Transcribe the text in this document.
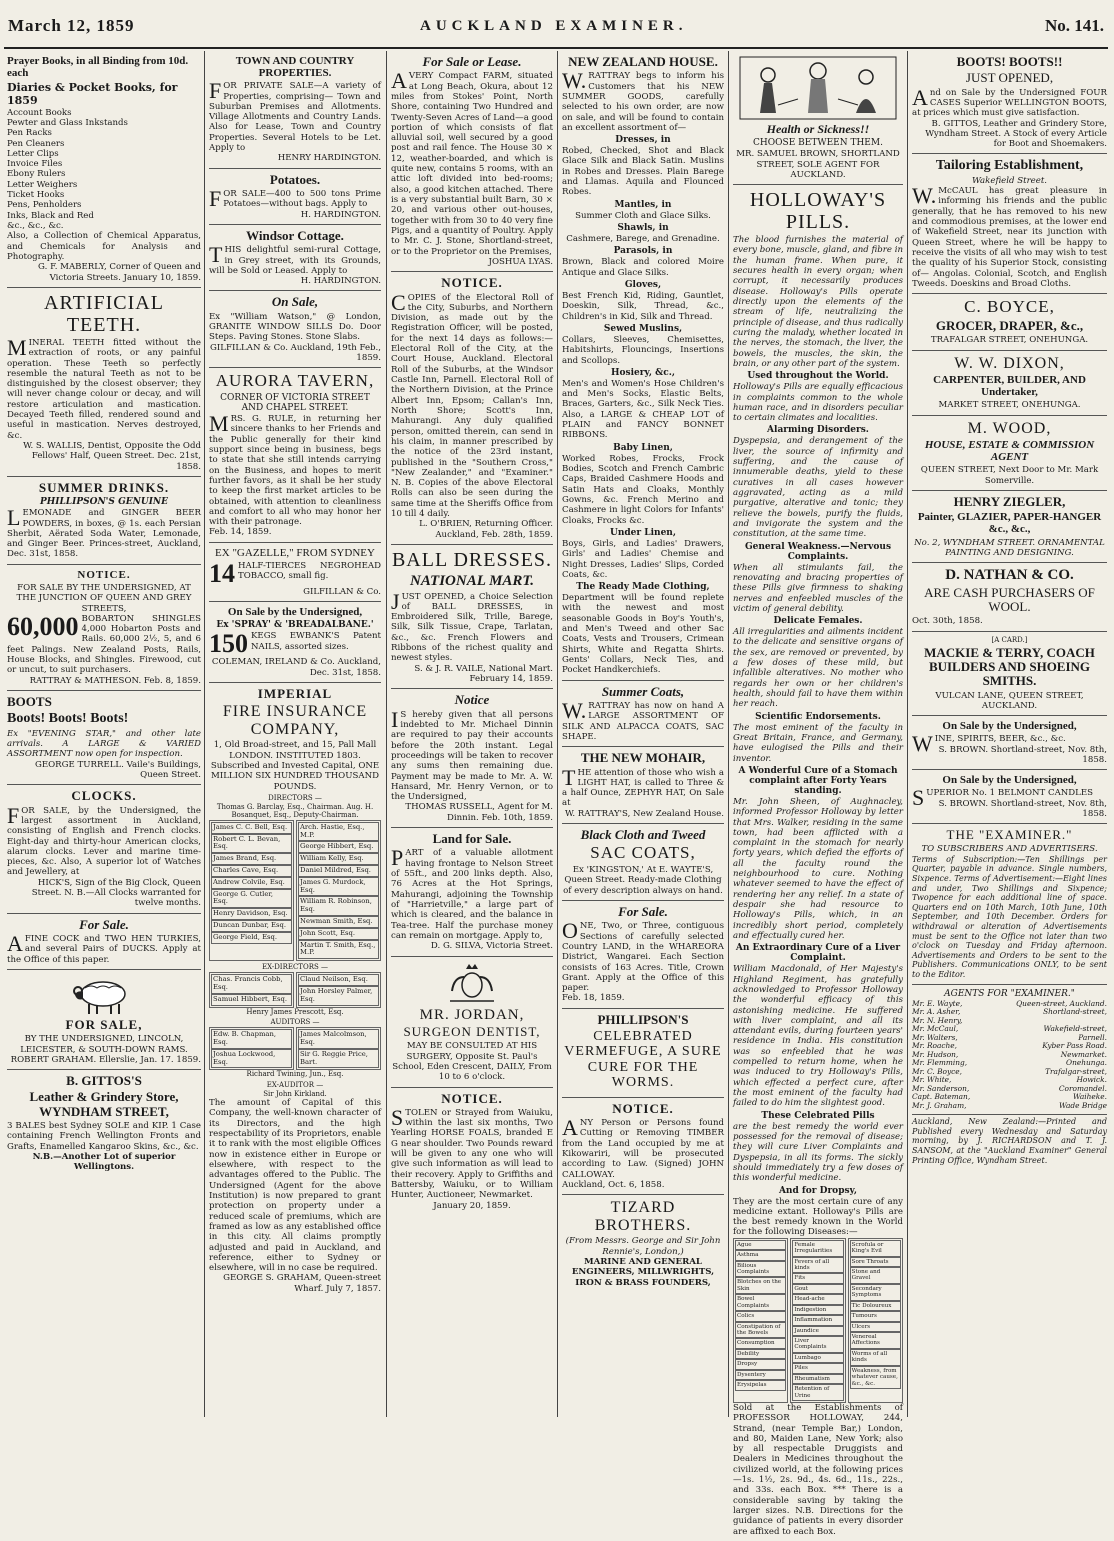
March 12, 1859	AUCKLAND EXAMINER.	No. 141.
Prayer Books, in all Binding from 10d. each
Diaries & Pocket Books, for 1859
Account Books
Pewter and Glass Inkstands
Pen Racks
Pen Cleaners
Letter Clips
Invoice Files
Ebony Rulers
Letter Weighers
Ticket Hooks
Pens, Penholders
Inks, Black and Red
&c., &c., &c.

Also, a Collection of Chemical Apparatus, and Chemicals for Analysis and Photography.

G. F. MABERLY, Corner of Queen and Victoria Streets. January 10, 1859.

ARTIFICIAL TEETH.

MINERAL TEETH fitted without the extraction of roots, or any painful operation. These Teeth so perfectly resemble the natural Teeth as not to be distinguished by the closest observer; they will never change colour or decay, and will restore articulation and mastication. Decayed Teeth filled, rendered sound and useful in mastication. Nerves destroyed, &c.

W. S. WALLIS, Dentist, Opposite the Odd Fellows' Half, Queen Street. Dec. 21st, 1858.

SUMMER DRINKS.
PHILLIPSON'S GENUINE

LEMONADE and GINGER BEER POWDERS, in boxes, @ 1s. each Persian Sherbit, Aërated Soda Water, Lemonade, and Ginger Beer. Princes-street, Auckland, Dec. 31st, 1858.

NOTICE.

FOR SALE BY THE UNDERSIGNED, AT THE JUNCTION OF QUEEN AND GREY STREETS,

60,000 BOBARTON SHINGLES 4,000 Hobarton Posts and Rails. 60,000 2½, 5, and 6 feet Palings. New Zealand Posts, Rails, House Blocks, and Shingles. Firewood, cut or uncut, to suit purchasers.

RATTRAY & MATHESON. Feb. 8, 1859.

BOOTS
Boots! Boots! Boots!

Ex "EVENING STAR," and other late arrivals. A LARGE & VARIED ASSORTMENT now open for inspection.

GEORGE TURRELL. Vaile's Buildings, Queen Street.

CLOCKS.

FOR SALE, by the Undersigned, the largest assortment in Auckland, consisting of English and French clocks. Eight-day and thirty-hour American clocks, alarum clocks. Lever and marine time-pieces, &c. Also, A superior lot of Watches and Jewellery, at

HICK'S, Sign of the Big Clock, Queen Street. N. B.—All Clocks warranted for twelve months.

For Sale.

AFINE COCK and TWO HEN TURKIES, and several Pairs of DUCKS. Apply at the Office of this paper.

FOR SALE,

BY THE UNDERSIGNED, LINCOLN, LEICESTER, & SOUTH-DOWN RAMS.

ROBERT GRAHAM. Ellerslie, Jan. 17. 1859.

B. GITTOS'S
Leather & Grindery Store, WYNDHAM STREET,

3 BALES best Sydney SOLE and KIP. 1 Case containing French Wellington Fronts and Grafts, Enamelled Kangaroo Skins, &c., &c.

N.B.—Another Lot of superior Wellingtons.

TOWN AND COUNTRY PROPERTIES.

FOR PRIVATE SALE—A variety of Properties, comprising— Town and Suburban Premises and Allotments. Village Allotments and Country Lands. Also for Lease, Town and Country Properties. Several Hotels to be Let. Apply to

HENRY HARDINGTON.

Potatoes.

FOR SALE—400 to 500 tons Prime Potatoes—without bags. Apply to

H. HARDINGTON.

Windsor Cottage.

THIS delightful semi-rural Cottage, in Grey street, with its Grounds, will be Sold or Leased. Apply to

H. HARDINGTON.

On Sale,

Ex "William Watson," @ London, GRANITE WINDOW SILLS Do. Door Steps. Paving Stones. Stone Slabs.

GILFILLAN & Co. Auckland, 19th Feb., 1859.

AURORA TAVERN,
CORNER OF VICTORIA STREET AND CHAPEL STREET.

MRS. G. RULE, in returning her sincere thanks to her Friends and the Public generally for their kind support since being in business, begs to state that she still intends carrying on the Business, and hopes to merit further favors, as it shall be her study to keep the first market articles to be obtained, with attention to cleanliness and comfort to all who may honor her with their patronage.

Feb. 14, 1859.

EX "GAZELLE," FROM SYDNEY
14 HALF-TIERCES NEGROHEAD TOBACCO, small fig.

GILFILLAN & Co.

On Sale by the Undersigned,
Ex 'SPRAY' & 'BREADALBANE.'
150 KEGS EWBANK'S Patent NAILS, assorted sizes.

COLEMAN, IRELAND & Co. Auckland, Dec. 31st, 1858.

IMPERIAL
FIRE INSURANCE COMPANY,

1, Old Broad-street, and 15, Pall Mall LONDON. INSTITUTED 1803. Subscribed and Invested Capital, ONE MILLION SIX HUNDRED THOUSAND POUNDS.

DIRECTORS —

Thomas G. Barclay, Esq., Chairman. Aug. H. Bosanquet, Esq., Deputy-Chairman.

James C. C. Bell, Esq.
Robert C. L. Bevan, Esq.
James Brand, Esq.
Charles Cave, Esq.
Andrew Colvile, Esq.
George G. Cutler, Esq.
Henry Davidson, Esq.
Duncan Dunbar, Esq.
George Field, Esq.
Arch. Hastie, Esq., M.P.
George Hibbert, Esq.
William Kelly, Esq.
Daniel Mildred, Esq.
James G. Murdock, Esq.
William R. Robinson, Esq.
Newman Smith, Esq.
John Scott, Esq.
Martin T. Smith, Esq., M.P.
EX-DIRECTORS —
Chas. Francis Cobb, Esq.
Samuel Hibbert, Esq.
Claud Neilson, Esq.
John Horsley Palmer, Esq.

Henry James Prescott, Esq.

AUDITORS —
Edw. B. Chapman, Esq.
Joshua Lockwood, Esq.
James Malcolmson, Esq.
Sir G. Reggie Price, Bart.

Richard Twining, Jun., Esq.

EX-AUDITOR —

Sir John Kirkland.

The amount of Capital of this Company, the well-known character of its Directors, and the high respectability of its Proprietors, enable it to rank with the most eligible Offices now in existence either in Europe or elsewhere, with respect to the advantages offered to the Public. The Undersigned (Agent for the above Institution) is now prepared to grant protection on property under a reduced scale of premiums, which are framed as low as any established office in this city. All claims promptly adjusted and paid in Auckland, and reference, either to Sydney or elsewhere, will in no case be required.

GEORGE S. GRAHAM, Queen-street Wharf. July 7, 1857.

For Sale or Lease.

AVERY Compact FARM, situated at Long Beach, Okura, about 12 miles from Stokes' Point, North Shore, containing Two Hundred and Twenty-Seven Acres of Land—a good portion of which consists of flat alluvial soil, well secured by a good post and rail fence. The House 30 × 12, weather-boarded, and which is quite new, contains 5 rooms, with an attic loft divided into bed-rooms; also, a good kitchen attached. There is a very substantial built Barn, 30 × 20, and various other out-houses, together with from 30 to 40 very fine Pigs, and a quantity of Poultry. Apply to Mr. C. J. Stone, Shortland-street, or to the Proprietor on the Premises,

JOSHUA LYAS.

NOTICE.

COPIES of the Electoral Roll of the City, Suburbs, and Northern Division, as made out by the Registration Officer, will be posted, for the next 14 days as follows:— Electoral Roll of the City, at the Court House, Auckland. Electoral Roll of the Suburbs, at the Windsor Castle Inn, Parnell. Electoral Roll of the Northern Division, at the Prince Albert Inn, Epsom; Callan's Inn, North Shore; Scott's Inn, Mahurangi. Any duly qualified person, omitted therein, can send in his claim, in manner prescribed by the notice of the 23rd instant, published in the "Southern Cross," "New Zealander," and "Examiner." N. B. Copies of the above Electoral Rolls can also be seen during the same time at the Sheriffs Office from 10 till 4 daily.

L. O'BRIEN, Returning Officer. Auckland, Feb. 28th, 1859.

BALL DRESSES.
NATIONAL MART.

JUST OPENED, a Choice Selection of BALL DRESSES, in Embroidered Silk, Trille, Barege, Silk, Silk Tissue, Crape, Tarlatan, &c., &c. French Flowers and Ribbons of the richest quality and newest styles.

S. & J. R. VAILE, National Mart. February 14, 1859.

Notice

IS hereby given that all persons indebted to Mr. Michael Dinnin are required to pay their accounts before the 20th instant. Legal proceedings will be taken to recover any sums then remaining due. Payment may be made to Mr. A. W. Hansard, Mr. Henry Vernon, or to the Undersigned,

THOMAS RUSSELL, Agent for M. Dinnin. Feb. 10th, 1859.

Land for Sale.

PART of a valuable allotment having frontage to Nelson Street of 55ft., and 200 links depth. Also, 76 Acres at the Hot Springs, Mahurangi, adjoining the Township of "Harrietville," a large part of which is cleared, and the balance in Tea-tree. Half the purchase money can remain on mortgage. Apply to,

D. G. SILVA, Victoria Street.

MR. JORDAN,
SURGEON DENTIST,

MAY BE CONSULTED AT HIS SURGERY, Opposite St. Paul's School, Eden Crescent, DAILY, From 10 to 6 o'clock.

NOTICE.

STOLEN or Strayed from Waiuku, within the last six months, Two Yearling HORSE FOALS, branded E G near shoulder. Two Pounds reward will be given to any one who will give such information as will lead to their recovery. Apply to Griffiths and Battersby, Waiuku, or to William Hunter, Auctioneer, Newmarket.

January 20, 1859.

NEW ZEALAND HOUSE.

W.RATTRAY begs to inform his Customers that his NEW SUMMER GOODS, carefully selected to his own order, are now on sale, and will be found to contain an excellent assortment of—

Dresses, in

Robed, Checked, Shot and Black Glace Silk and Black Satin. Muslins in Robes and Dresses. Plain Barege and Llamas. Aquila and Flounced Robes.

Mantles, in

Summer Cloth and Glace Silks.

Shawls, in

Cashmere, Barege, and Grenadine.

Parasols, in

Brown, Black and colored Moire Antique and Glace Silks.

Gloves,

Best French Kid, Riding, Gauntlet, Doeskin, Silk, Thread, &c., Children's in Kid, Silk and Thread.

Sewed Muslins,

Collars, Sleeves, Chemisettes, Habitshirts, Flouncings, Insertions and Scollops.

Hosiery, &c.,

Men's and Women's Hose Children's and Men's Socks, Elastic Belts, Braces, Garters, &c., Silk Neck Ties. Also, a LARGE & CHEAP LOT of PLAIN and FANCY BONNET RIBBONS.

Baby Linen,

Worked Robes, Frocks, Frock Bodies, Scotch and French Cambric Caps, Braided Cashmere Hoods and Satin Hats and Cloaks, Monthly Gowns, &c. French Merino and Cashmere in light Colors for Infants' Cloaks, Frocks &c.

Under Linen,

Boys, Girls, and Ladies' Drawers, Girls' and Ladies' Chemise and Night Dresses, Ladies' Slips, Corded Coats, &c.

The Ready Made Clothing,

Department will be found replete with the newest and most seasonable Goods in Boy's Youth's, and Men's Tweed and other Sac Coats, Vests and Trousers, Crimean Shirts, White and Regatta Shirts. Gents' Collars, Neck Ties, and Pocket Handkerchiefs.

Summer Coats,

W.RATTRAY has now on hand A LARGE ASSORTMENT OF SILK AND ALPACCA COATS, SAC SHAPE.

THE NEW MOHAIR,

THE attention of those who wish a LIGHT HAT, is called to Three & a half Ounce, ZEPHYR HAT, On Sale at

W. RATTRAY'S, New Zealand House.

Black Cloth and Tweed
SAC COATS,

Ex 'KINGSTON,' At E. WAYTE'S, Queen Street. Ready-made Clothing of every description always on hand.

For Sale.

ONE, Two, or Three, contiguous Sections of carefully selected Country LAND, in the WHAREORA District, Wangarei. Each Section consists of 163 Acres. Title, Crown Grant. Apply at the Office of this paper.

Feb. 18, 1859.

PHILLIPSON'S
CELEBRATED VERMEFUGE, A SURE CURE FOR THE WORMS.
NOTICE.

ANY Person or Persons found Cutting or Removing TIMBER from the Land occupied by me at Kikowariri, will be prosecuted according to Law. (Signed) JOHN CALLOWAY.

Auckland, Oct. 6, 1858.

TIZARD BROTHERS.

(From Messrs. George and Sir John Rennie's, London,)

MARINE AND GENERAL ENGINEERS, MILLWRIGHTS, IRON & BRASS FOUNDERS,

Health or Sickness!!
CHOOSE BETWEEN THEM.

MR. SAMUEL BROWN, SHORTLAND STREET, SOLE AGENT FOR AUCKLAND.

HOLLOWAY'S PILLS.

The blood furnishes the material of every bone, muscle, gland, and fibre in the human frame. When pure, it secures health in every organ; when corrupt, it necessarily produces disease. Holloway's Pills operate directly upon the elements of the stream of life, neutralizing the principle of disease, and thus radically curing the malady, whether located in the nerves, the stomach, the liver, the bowels, the muscles, the skin, the brain, or any other part of the system.

Used throughout the World.

Holloway's Pills are equally efficacious in complaints common to the whole human race, and in disorders peculiar to certain climates and localities.

Alarming Disorders.

Dyspepsia, and derangement of the liver, the source of infirmity and suffering, and the cause of innumerable deaths, yield to these curatives in all cases however aggravated, acting as a mild purgative, alterative and tonic; they relieve the bowels, purify the fluids, and invigorate the system and the constitution, at the same time.

General Weakness.—Nervous Complaints.

When all stimulants fail, the renovating and bracing properties of these Pills give firmness to shaking nerves and enfeebled muscles of the victim of general debility.

Delicate Females.

All irregularities and ailments incident to the delicate and sensitive organs of the sex, are removed or prevented, by a few doses of these mild, but infallible alteratives. No mother who regards her own or her children's health, should fail to have them within her reach.

Scientific Endorsements.

The most eminent of the faculty in Great Britain, France, and Germany, have eulogised the Pills and their inventor.

A Wonderful Cure of a Stomach complaint after Forty Years standing.

Mr. John Sheen, of Aughnacley, informed Professor Holloway by letter that Mrs. Walker, residing in the same town, had been afflicted with a complaint in the stomach for nearly forty years, which defied the efforts of all the faculty round the neighbourhood to cure. Nothing whatever seemed to have the effect of rendering her any relief. In a state of despair she had resource to Holloway's Pills, which, in an incredibly short period, completely and effectually cured her.

An Extraordinary Cure of a Liver Complaint.

William Macdonald, of Her Majesty's Highland Regiment, has gratefully acknowledged to Professor Holloway the wonderful efficacy of this astonishing medicine. He suffered with liver complaint, and all its attendant evils, during fourteen years' residence in India. His constitution was so enfeebled that he was compelled to return home, when he was induced to try Holloway's Pills, which effected a perfect cure, after the most eminent of the faculty had failed to do him the slightest good.

These Celebrated Pills

are the best remedy the world ever possessed for the removal of disease; they will cure Liver Complaints and Dyspepsia, in all its forms. The sickly should immediately try a few doses of this wonderful medicine.

And for Dropsy,

They are the most certain cure of any medicine extant. Holloway's Pills are the best remedy known in the World for the following Diseases:—

Ague
Asthma
Bilious Complaints
Blotches on the Skin
Bowel Complaints
Colics
Constipation of the Bowels
Consumption
Debility
Dropsy
Dysentery
Erysipelas
Female Irregularities
Fevers of all kinds
Fits
Gout
Head-ache
Indigestion
Inflammation
Jaundice
Liver Complaints
Lumbago
Piles
Rheumatism
Retention of Urine
Scrofula or King's Evil
Sore Throats
Stone and Gravel
Secondary Symptoms
Tic Doloureux
Tumours
Ulcers
Venereal Affections
Worms of all kinds
Weakness, from whatever cause, &c., &c.

Sold at the Establishments of PROFESSOR HOLLOWAY, 244, Strand, (near Temple Bar,) London, and 80, Maiden Lane, New York; also by all respectable Druggists and Dealers in Medicines throughout the civilized world, at the following prices—1s. 1½, 2s. 9d., 4s. 6d., 11s., 22s., and 33s. each Box. *** There is a considerable saving by taking the larger sizes. N.B. Directions for the guidance of patients in every disorder are affixed to each Box.

BOOTS! BOOTS!!
JUST OPENED,

And on Sale by the Undersigned FOUR CASES Superior WELLINGTON BOOTS, at prices which must give satisfaction.

B. GITTOS, Leather and Grindery Store, Wyndham Street. A Stock of every Article for Boot and Shoemakers.

Tailoring Establishment,

Wakefield Street.

W.McCAUL has great pleasure in informing his friends and the public generally, that he has removed to his new and commodious premises, at the lower end of Wakefield Street, near its junction with Queen Street, where he will be happy to receive the visits of all who may wish to test the quality of his Superior Stock, consisting of— Angolas. Colonial, Scotch, and English Tweeds. Doeskins and Broad Cloths.

C. BOYCE,
GROCER, DRAPER, &c.,

TRAFALGAR STREET, ONEHUNGA.

W. W. DIXON,
CARPENTER, BUILDER, AND Undertaker,

MARKET STREET, ONEHUNGA.

M. WOOD,
HOUSE, ESTATE & COMMISSION AGENT

QUEEN STREET, Next Door to Mr. Mark Somerville.

HENRY ZIEGLER,
Painter, GLAZIER, PAPER-HANGER &c., &c.,

No. 2, WYNDHAM STREET. ORNAMENTAL PAINTING AND DESIGNING.

D. NATHAN & CO.
ARE CASH PURCHASERS OF WOOL.

Oct. 30th, 1858.

[A CARD.]
MACKIE & TERRY, COACH BUILDERS AND SHOEING SMITHS.

VULCAN LANE, QUEEN STREET, AUCKLAND.

On Sale by the Undersigned,

WINE, SPIRITS, BEER, &c., &c.

S. BROWN. Shortland-street, Nov. 8th, 1858.

On Sale by the Undersigned,

SUPERIOR No. 1 BELMONT CANDLES

S. BROWN. Shortland-street, Nov. 8th, 1858.

THE "EXAMINER."

TO SUBSCRIBERS AND ADVERTISERS.

Terms of Subscription:—Ten Shillings per Quarter, payable in advance. Single numbers, Sixpence. Terms of Advertisement:—Eight lines and under, Two Shillings and Sixpence; Twopence for each additional line of space. Quarters end on 10th March, 10th June, 10th September, and 10th December. Orders for withdrawal or alteration of Advertisements must be sent to the Office not later than two o'clock on Tuesday and Friday afternoon. Advertisements and Orders to be sent to the Publishers. Communications ONLY, to be sent to the Editor.

AGENTS FOR "EXAMINER."
Mr. E. Wayte,
Mr. A. Asher,
Mr. N. Henry,
Mr. McCaul,
Mr. Walters,
Mr. Roache,
Mr. Hudson,
Mr. Flemming,
Mr. C. Boyce,
Mr. White,
Mr. Sanderson,
Capt. Bateman,
Mr. J. Graham,
Queen-street, Auckland.
Shortland-street,

Wakefield-street,
Parnell.
Kyber Pass Road.
Newmarket.
Onehunga.
Trafalgar-street,
Howick.
Coromandel.
Waiheke.
Wade Bridge

Auckland, New Zealand:—Printed and Published every Wednesday and Saturday morning, by J. RICHARDSON and T. J. SANSOM, at the "Auckland Examiner" General Printing Office, Wyndham Street.
